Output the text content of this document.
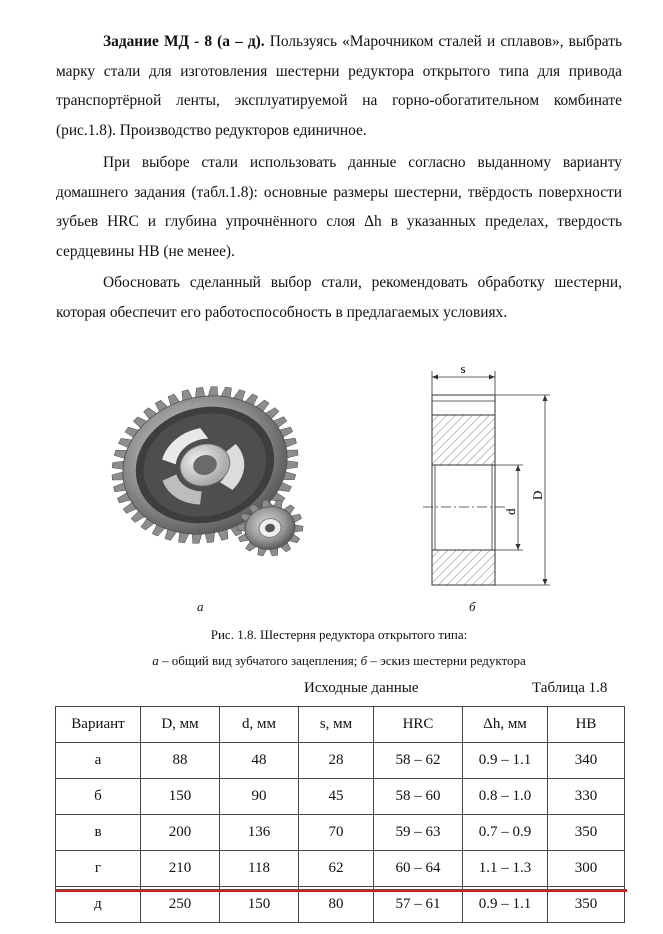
Задание МД - 8 (а – д). Пользуясь «Марочником сталей и сплавов», выбрать марку стали для изготовления шестерни редуктора открытого типа для привода транспортёрной ленты, эксплуатируемой на горно-обогатительном комбинате (рис.1.8). Производство редукторов единичное.

При выборе стали использовать данные согласно выданному варианту домашнего задания (табл.1.8): основные размеры шестерни, твёрдость поверхности зубьев HRC и глубина упрочнённого слоя Δh в указанных пределах, твердость сердцевины НВ (не менее).

Обосновать сделанный выбор стали, рекомендовать обработку шестерни, которая обеспечит его работоспособность в предлагаемых условиях.

s
d
D
а	б
Рис. 1.8. Шестерня редуктора открытого типа:
а – общий вид зубчатого зацепления; б – эскиз шестерни редуктора
Исходные данные	Таблица 1.8
Вариант	D, мм	d, мм	s, мм	HRC	Δh, мм	НВ
а	88	48	28	58 – 62	0.9 – 1.1	340
б	150	90	45	58 – 60	0.8 – 1.0	330
в	200	136	70	59 – 63	0.7 – 0.9	350
г	210	118	62	60 – 64	1.1 – 1.3	300
д	250	150	80	57 – 61	0.9 – 1.1	350
